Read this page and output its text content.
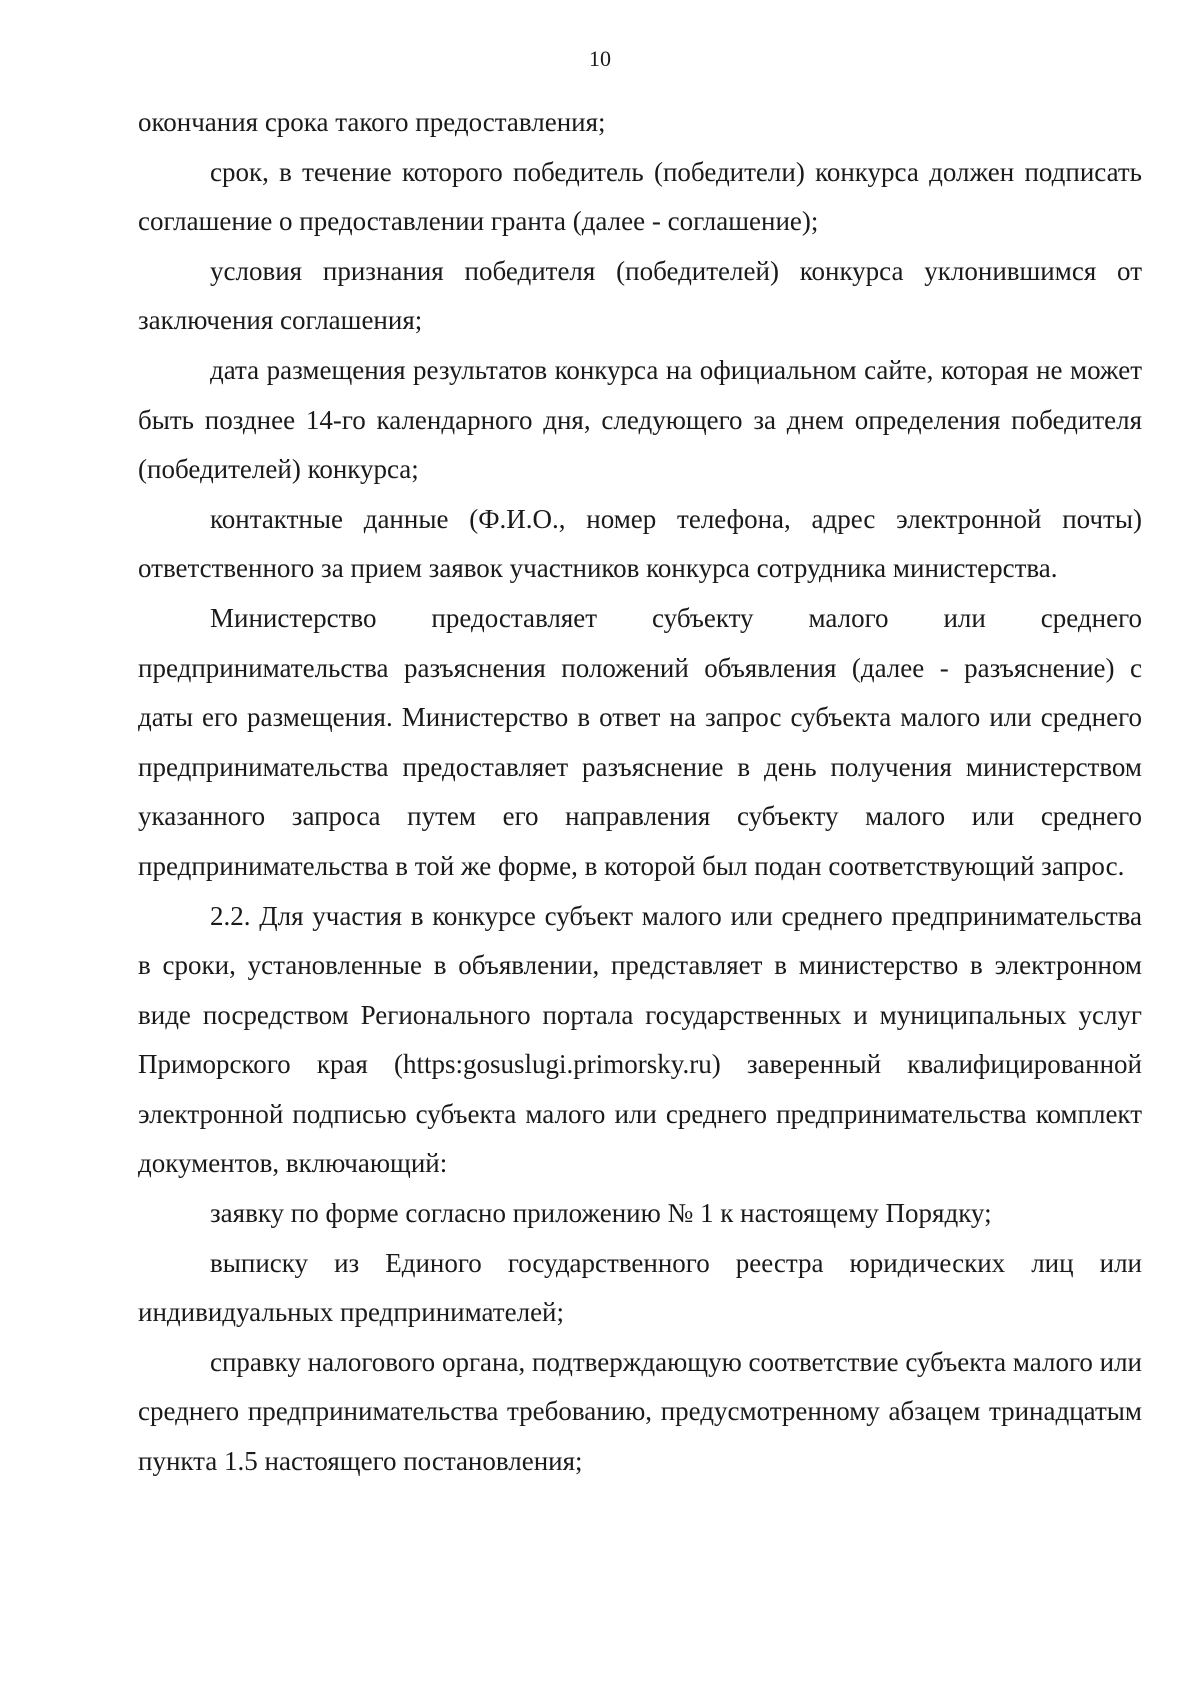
10

окончания срока такого предоставления;

срок, в течение которого победитель (победители) конкурса должен подписать соглашение о предоставлении гранта (далее - соглашение);

условия признания победителя (победителей) конкурса уклонившимся от заключения соглашения;

дата размещения результатов конкурса на официальном сайте, которая не может быть позднее 14-го календарного дня, следующего за днем определения победителя (победителей) конкурса;

контактные данные (Ф.И.О., номер телефона, адрес электронной почты) ответственного за прием заявок участников конкурса сотрудника министерства.

Министерство предоставляет субъекту малого или среднего предпринимательства разъяснения положений объявления (далее - разъяснение) с даты его размещения. Министерство в ответ на запрос субъекта малого или среднего предпринимательства предоставляет разъяснение в день получения министерством указанного запроса путем его направления субъекту малого или среднего предпринимательства в той же форме, в которой был подан соответствующий запрос.

2.2. Для участия в конкурсе субъект малого или среднего предпринимательства в сроки, установленные в объявлении, представляет в министерство в электронном виде посредством Регионального портала государственных и муниципальных услуг Приморского края (https:gosuslugi.primorsky.ru) заверенный квалифицированной электронной подписью субъекта малого или среднего предпринимательства комплект документов, включающий:

заявку по форме согласно приложению № 1 к настоящему Порядку;

выписку из Единого государственного реестра юридических лиц или индивидуальных предпринимателей;

справку налогового органа, подтверждающую соответствие субъекта малого или среднего предпринимательства требованию, предусмотренному абзацем тринадцатым пункта 1.5 настоящего постановления;
